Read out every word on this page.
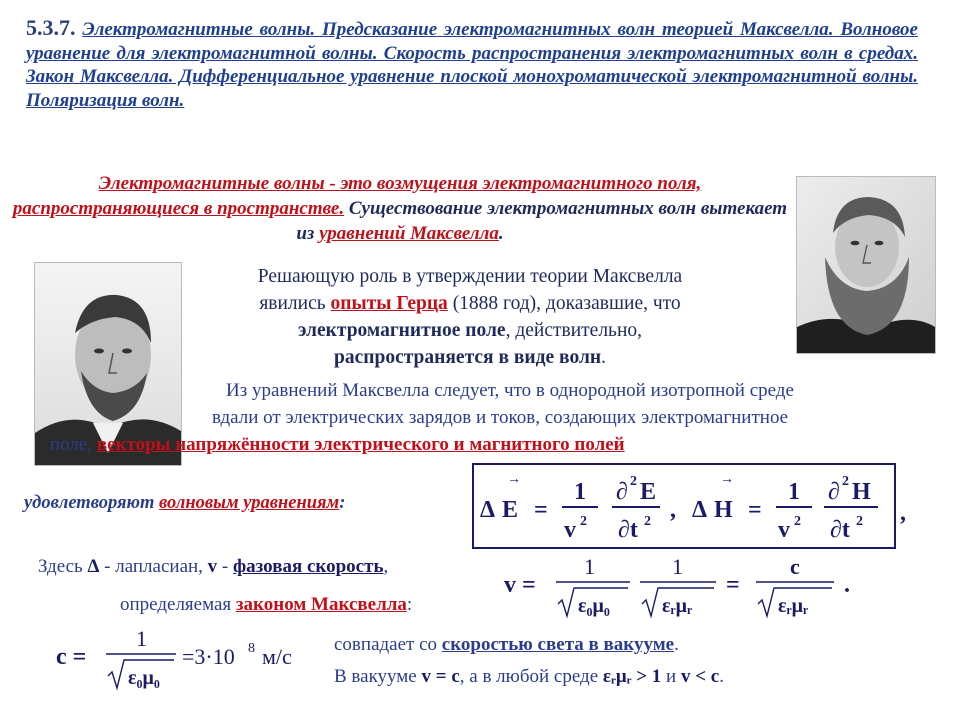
5.3.7. Электромагнитные волны. Предсказание электромагнитных волн теорией Максвелла. Волновое уравнение для электромагнитной волны. Скорость распространения электромагнитных волн в средах. Закон Максвелла. Дифференциальное уравнение плоской монохроматической электромагнитной волны. Поляризация волн.
Электромагнитные волны - это возмущения электромагнитного поля, распространяющиеся в пространстве. Существование электромагнитных волн вытекает из уравнений Максвелла.
Решающую роль в утверждении теории Максвелла
явились опыты Герца (1888 год), доказавшие, что
электромагнитное поле, действительно,
распространяется в виде волн.
Из уравнений Максвелла следует, что в однородной изотропной среде
вдали от электрических зарядов и токов, создающих электромагнитное
поле, векторы напряжённости электрического и магнитного полей
удовлетворяют волновым уравнениям:	Δ E
→
=
1
v 2
∂ 2 E
∂t 2 , Δ H
→
=
1
v 2
∂ 2 H
∂t 2 ,
Здесь Δ - лапласиан, v - фазовая скорость,
определяемая законом Максвелла:
v =
1
ε₀μ₀
1
εᵣμᵣ
=
c
εᵣμᵣ
.
c =
1
ε₀μ₀
=3·10 8 м/с совпадает со скоростью света в вакууме.
В вакууме v = c, а в любой среде εᵣμᵣ > 1 и v < c.
